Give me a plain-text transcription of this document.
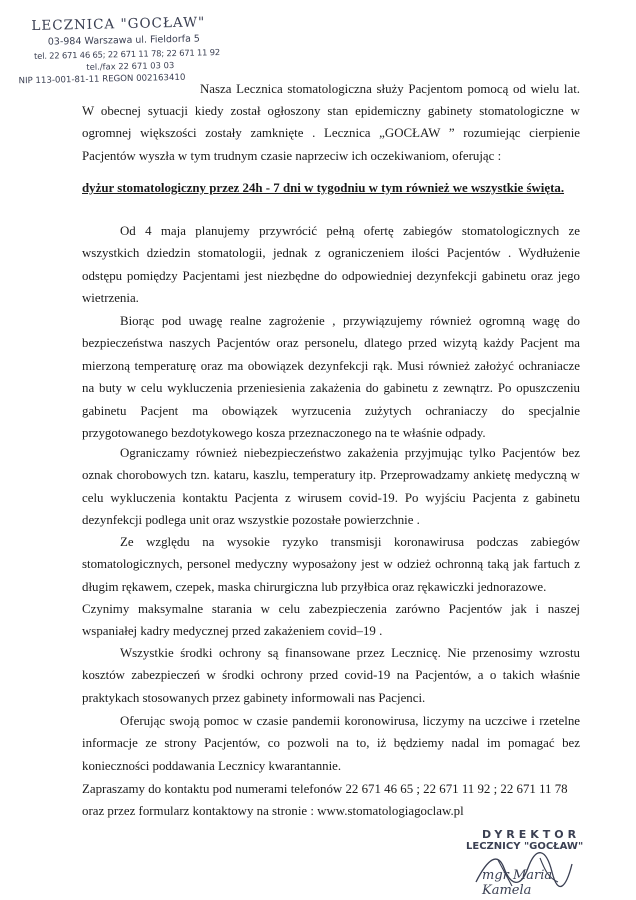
LECZNICA "GOCŁAW"
03-984 Warszawa ul. Fieldorfa 5
tel. 22 671 46 65; 22 671 11 78; 22 671 11 92
tel./fax 22 671 03 03
NIP 113-001-81-11 REGON 002163410
Nasza Lecznica stomatologiczna służy Pacjentom pomocą od wielu lat.
W obecnej sytuacji kiedy został ogłoszony stan epidemiczny gabinety stomatologiczne w ogromnej większości zostały zamknięte . Lecznica „GOCŁAW ” rozumiejąc cierpienie Pacjentów wyszła w tym trudnym czasie naprzeciw ich oczekiwaniom, oferując :
dyżur stomatologiczny przez 24h - 7 dni w tygodniu w tym również we wszystkie święta.
Od 4 maja planujemy przywrócić pełną ofertę zabiegów stomatologicznych ze wszystkich dziedzin stomatologii, jednak z ograniczeniem ilości Pacjentów . Wydłużenie odstępu pomiędzy Pacjentami jest niezbędne do odpowiedniej dezynfekcji gabinetu oraz jego wietrzenia.
Biorąc pod uwagę realne zagrożenie , przywiązujemy również ogromną wagę do bezpieczeństwa naszych Pacjentów oraz personelu, dlatego przed wizytą każdy Pacjent ma mierzoną temperaturę oraz ma obowiązek dezynfekcji rąk. Musi również założyć ochraniacze na buty w celu wykluczenia przeniesienia zakażenia do gabinetu z zewnątrz. Po opuszczeniu gabinetu Pacjent ma obowiązek wyrzucenia zużytych ochraniaczy do specjalnie przygotowanego bezdotykowego kosza przeznaczonego na te właśnie odpady.
Ograniczamy również niebezpieczeństwo zakażenia przyjmując tylko Pacjentów bez oznak chorobowych tzn. kataru, kaszlu, temperatury itp. Przeprowadzamy ankietę medyczną w celu wykluczenia kontaktu Pacjenta z wirusem covid-19. Po wyjściu Pacjenta z gabinetu dezynfekcji podlega unit oraz wszystkie pozostałe powierzchnie .
Ze względu na wysokie ryzyko transmisji koronawirusa podczas zabiegów stomatologicznych, personel medyczny wyposażony jest w odzież ochronną taką jak fartuch z długim rękawem, czepek, maska chirurgiczna lub przyłbica oraz rękawiczki jednorazowe.
Czynimy maksymalne starania w celu zabezpieczenia zarówno Pacjentów jak i naszej wspaniałej kadry medycznej przed zakażeniem covid–19 .
Wszystkie środki ochrony są finansowane przez Lecznicę. Nie przenosimy wzrostu kosztów zabezpieczeń w środki ochrony przed covid-19 na Pacjentów, a o takich właśnie praktykach stosowanych przez gabinety informowali nas Pacjenci.
Oferując swoją pomoc w czasie pandemii koronowirusa, liczymy na uczciwe i rzetelne informacje ze strony Pacjentów, co pozwoli na to, iż będziemy nadal im pomagać bez konieczności poddawania Lecznicy kwarantannie.
Zapraszamy do kontaktu pod numerami telefonów 22 671 46 65 ; 22 671 11 92 ; 22 671 11 78
oraz przez formularz kontaktowy na stronie : www.stomatologiagoclaw.pl
DYREKTOR
LECZNICY "GOCŁAW"
mgr Maria Kamela
